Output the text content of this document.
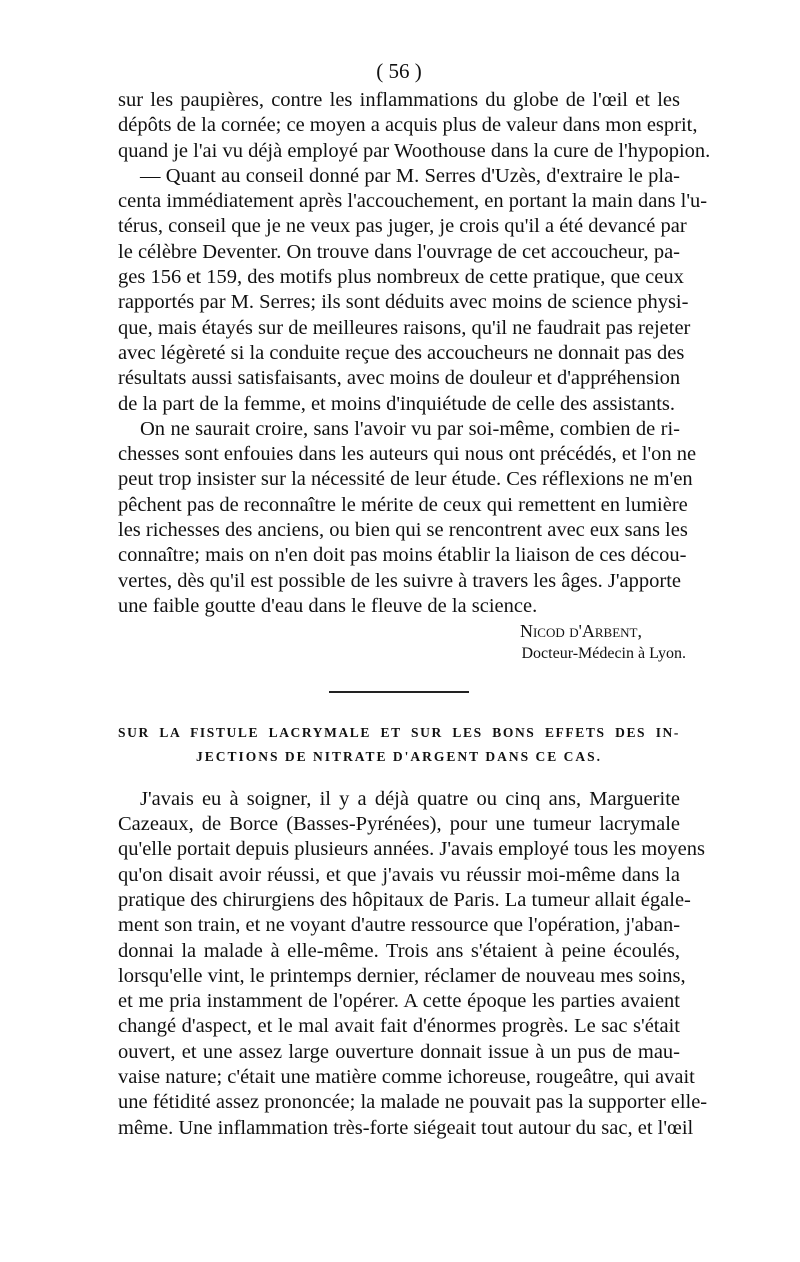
( 56 )
sur les paupières, contre les inflammations du globe de l'œil et les
dépôts de la cornée; ce moyen a acquis plus de valeur dans mon esprit,
quand je l'ai vu déjà employé par Woothouse dans la cure de l'hypopion.
— Quant au conseil donné par M. Serres d'Uzès, d'extraire le pla-
centa immédiatement après l'accouchement, en portant la main dans l'u-
térus, conseil que je ne veux pas juger, je crois qu'il a été devancé par
le célèbre Deventer. On trouve dans l'ouvrage de cet accoucheur, pa-
ges 156 et 159, des motifs plus nombreux de cette pratique, que ceux
rapportés par M. Serres; ils sont déduits avec moins de science physi-
que, mais étayés sur de meilleures raisons, qu'il ne faudrait pas rejeter
avec légèreté si la conduite reçue des accoucheurs ne donnait pas des
résultats aussi satisfaisants, avec moins de douleur et d'appréhension
de la part de la femme, et moins d'inquiétude de celle des assistants.
On ne saurait croire, sans l'avoir vu par soi-même, combien de ri-
chesses sont enfouies dans les auteurs qui nous ont précédés, et l'on ne
peut trop insister sur la nécessité de leur étude. Ces réflexions ne m'en
pêchent pas de reconnaître le mérite de ceux qui remettent en lumière
les richesses des anciens, ou bien qui se rencontrent avec eux sans les
connaître; mais on n'en doit pas moins établir la liaison de ces décou-
vertes, dès qu'il est possible de les suivre à travers les âges. J'apporte
une faible goutte d'eau dans le fleuve de la science.
Nicod d'Arbent,
Docteur-Médecin à Lyon.
SUR LA FISTULE LACRYMALE ET SUR LES BONS EFFETS DES IN-
JECTIONS DE NITRATE D'ARGENT DANS CE CAS.
J'avais eu à soigner, il y a déjà quatre ou cinq ans, Marguerite
Cazeaux, de Borce (Basses-Pyrénées), pour une tumeur lacrymale
qu'elle portait depuis plusieurs années. J'avais employé tous les moyens
qu'on disait avoir réussi, et que j'avais vu réussir moi-même dans la
pratique des chirurgiens des hôpitaux de Paris. La tumeur allait égale-
ment son train, et ne voyant d'autre ressource que l'opération, j'aban-
donnai la malade à elle-même. Trois ans s'étaient à peine écoulés,
lorsqu'elle vint, le printemps dernier, réclamer de nouveau mes soins,
et me pria instamment de l'opérer. A cette époque les parties avaient
changé d'aspect, et le mal avait fait d'énormes progrès. Le sac s'était
ouvert, et une assez large ouverture donnait issue à un pus de mau-
vaise nature; c'était une matière comme ichoreuse, rougeâtre, qui avait
une fétidité assez prononcée; la malade ne pouvait pas la supporter elle-
même. Une inflammation très-forte siégeait tout autour du sac, et l'œil
